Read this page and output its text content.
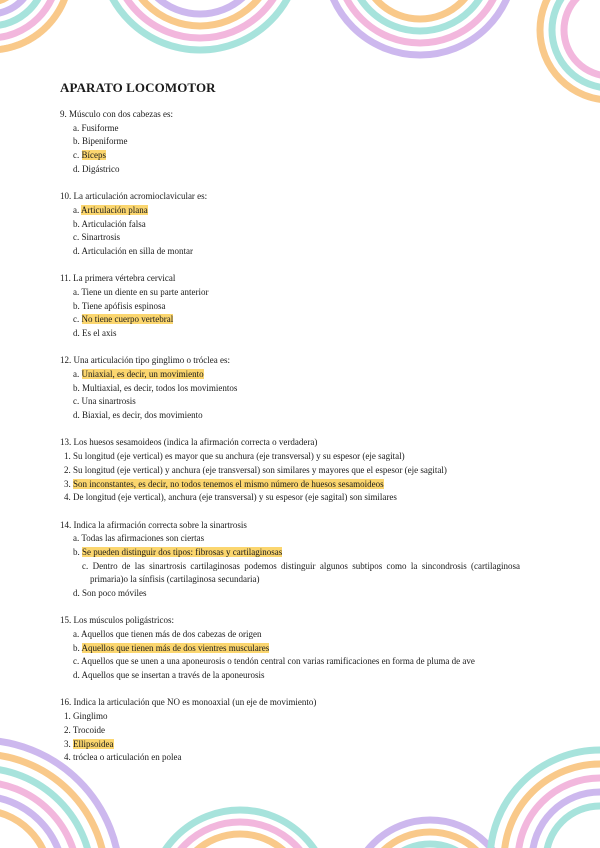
APARATO LOCOMOTOR

9. Músculo con dos cabezas es:

a. Fusiforme

b. Bipeniforme

c. Bíceps

d. Digástrico

10. La articulación acromioclavicular es:

a. Articulación plana

b. Articulación falsa

c. Sinartrosis

d. Articulación en silla de montar

11. La primera vértebra cervical

a. Tiene un diente en su parte anterior

b. Tiene apófisis espinosa

c. No tiene cuerpo vertebral

d. Es el axis

12. Una articulación tipo ginglimo o tróclea es:

a. Uniaxial, es decir, un movimiento

b. Multiaxial, es decir, todos los movimientos

c. Una sinartrosis

d. Biaxial, es decir, dos movimiento

13. Los huesos sesamoideos (indica la afirmación correcta o verdadera)

1. Su longitud (eje vertical) es mayor que su anchura (eje transversal) y su espesor (eje sagital)

2. Su longitud (eje vertical) y anchura (eje transversal) son similares y mayores que el espesor (eje sagital)

3. Son inconstantes, es decir, no todos tenemos el mismo número de huesos sesamoideos

4. De longitud (eje vertical), anchura (eje transversal) y su espesor (eje sagital) son similares

14. Indica la afirmación correcta sobre la sinartrosis

a. Todas las afirmaciones son ciertas

b. Se pueden distinguir dos tipos: fibrosas y cartilaginosas

c. Dentro de las sinartrosis cartilaginosas podemos distinguir algunos subtipos como la sincondrosis (cartilaginosa primaria)o la sínfisis (cartilaginosa secundaria)

d. Son poco móviles

15. Los músculos poligástricos:

a. Aquellos que tienen más de dos cabezas de origen

b. Aquellos que tienen más de dos vientres musculares

c. Aquellos que se unen a una aponeurosis o tendón central con varias ramificaciones en forma de pluma de ave

d. Aquellos que se insertan a través de la aponeurosis

16. Indica la articulación que NO es monoaxial (un eje de movimiento)

1. Ginglimo

2. Trocoide

3. Ellipsoidea

4. tróclea o articulación en polea
